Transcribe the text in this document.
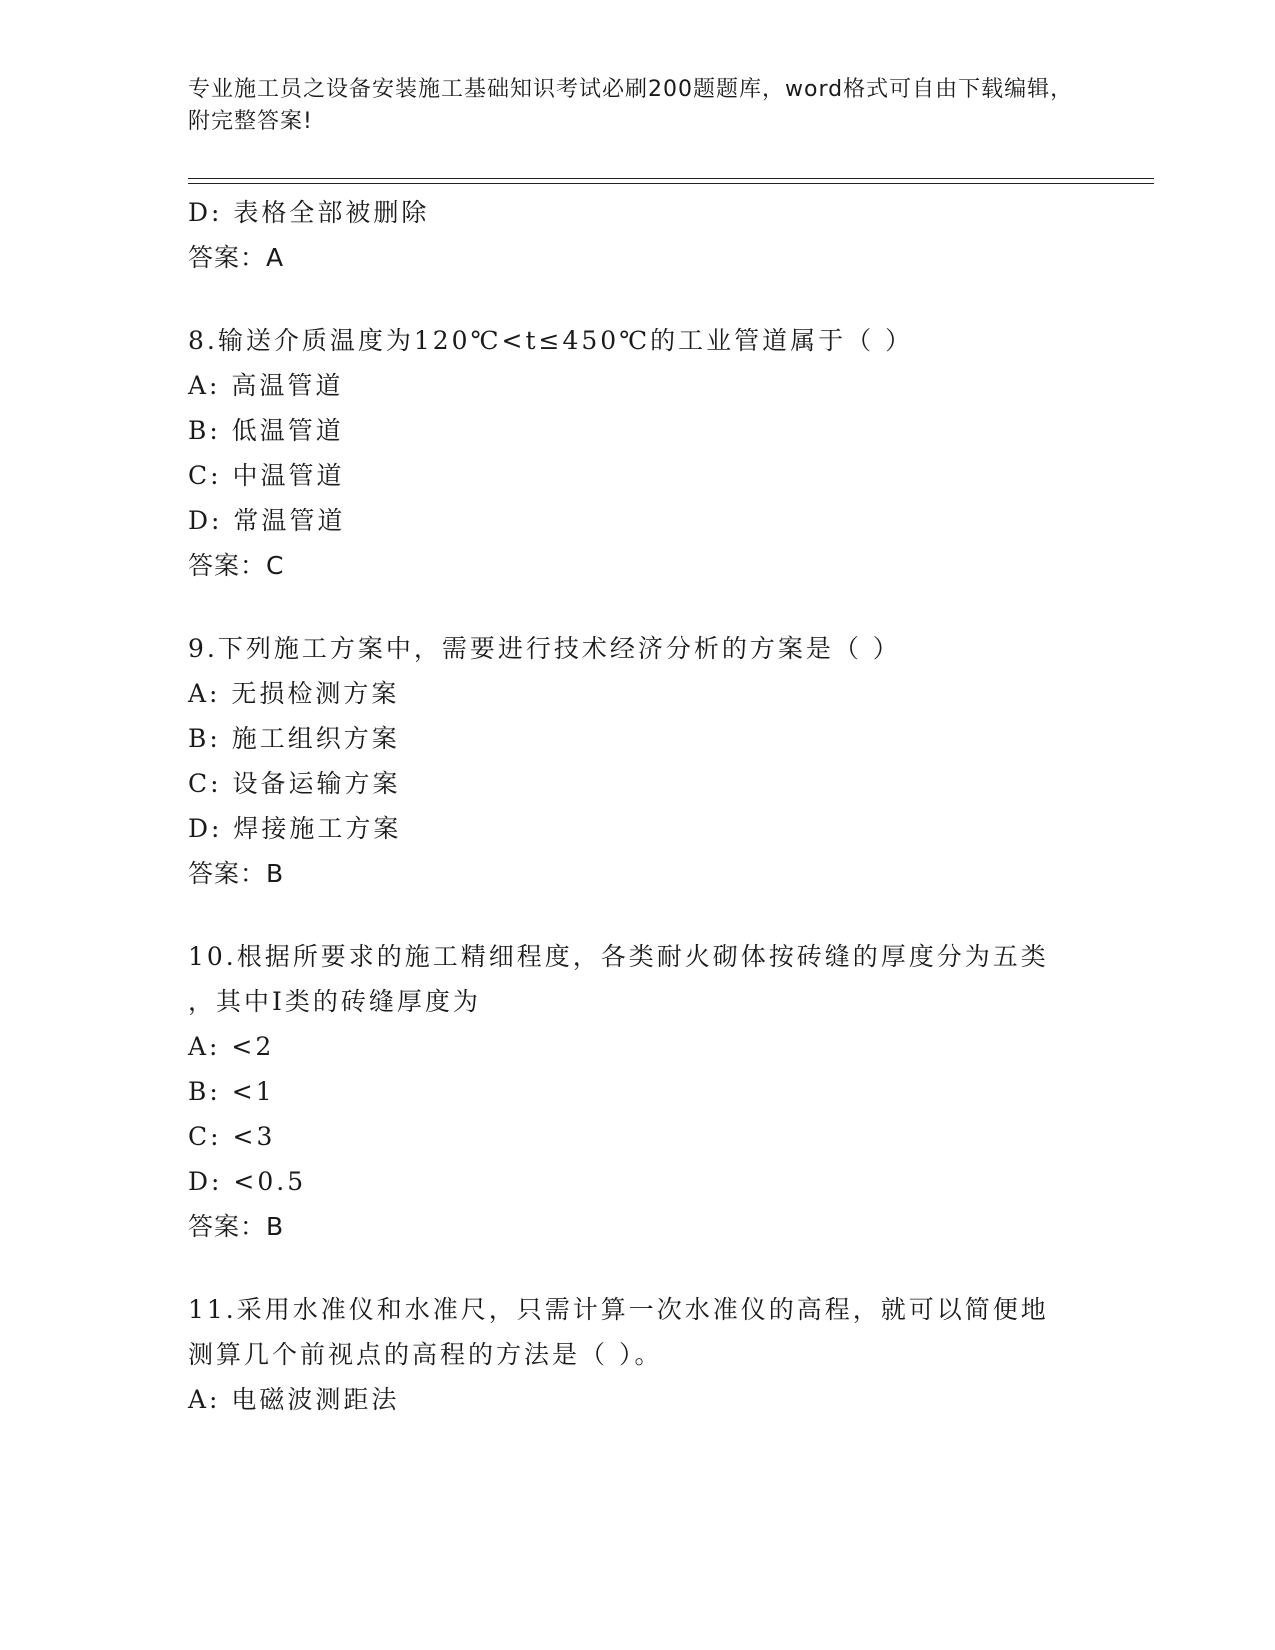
专业施工员之设备安装施工基础知识考试必刷200题题库，word格式可自由下载编辑，附完整答案!
D: 表格全部被删除
答案：A
8.输送介质温度为120℃<t≤450℃的工业管道属于（ ）
A: 高温管道
B: 低温管道
C: 中温管道
D: 常温管道
答案：C
9.下列施工方案中，需要进行技术经济分析的方案是（ ）
A: 无损检测方案
B: 施工组织方案
C: 设备运输方案
D: 焊接施工方案
答案：B
10.根据所要求的施工精细程度，各类耐火砌体按砖缝的厚度分为五类
，其中Ⅰ类的砖缝厚度为
A: <2
B: <1
C: <3
D: <0.5
答案：B
11.采用水准仪和水准尺，只需计算一次水准仪的高程，就可以简便地
测算几个前视点的高程的方法是（ ）。
A: 电磁波测距法
